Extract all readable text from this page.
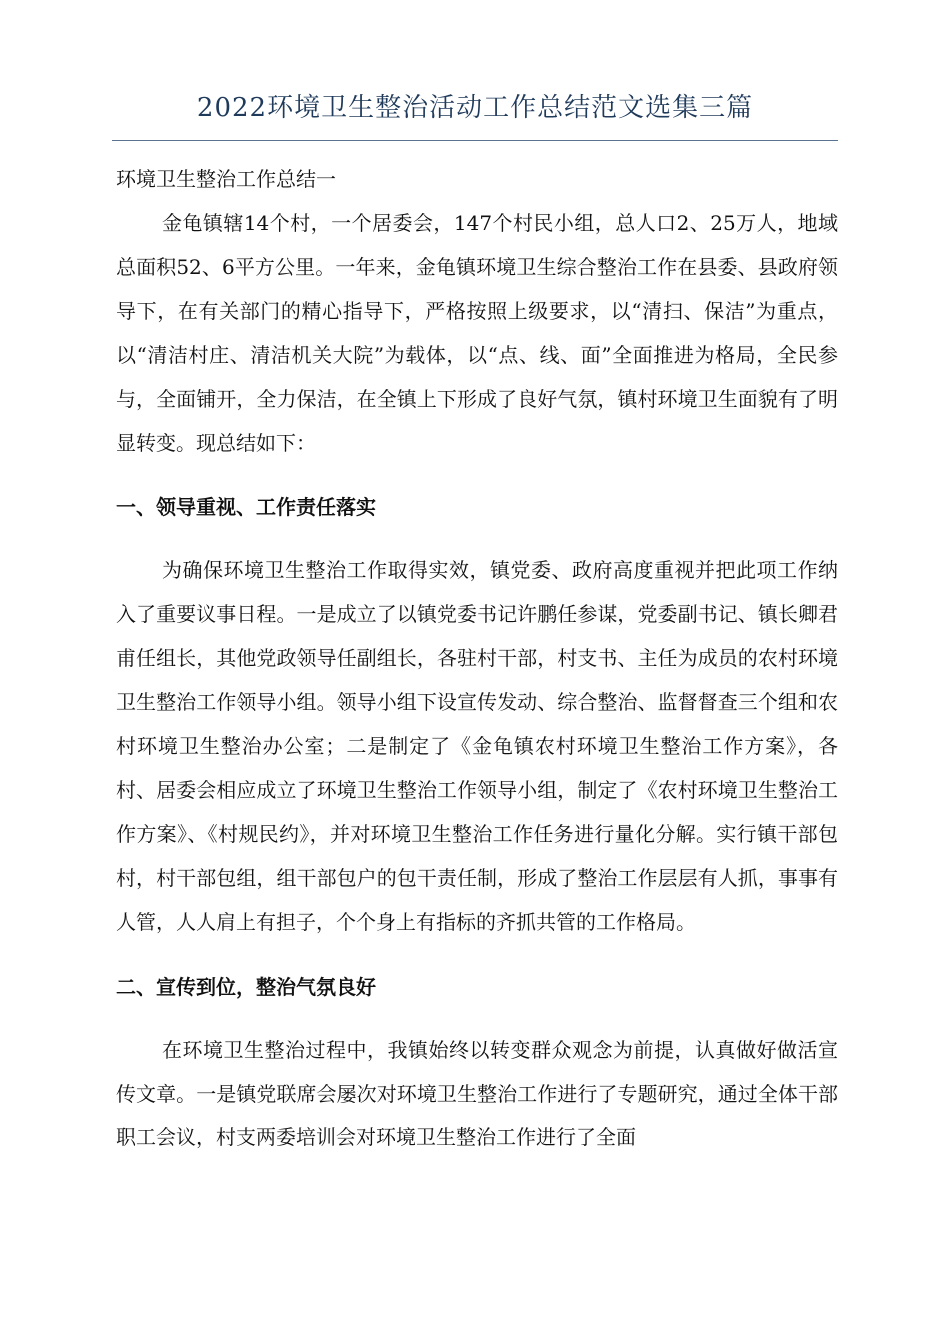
2022环境卫生整治活动工作总结范文选集三篇

环境卫生整治工作总结一

金龟镇辖14个村，一个居委会，147个村民小组，总人口2、25万人，地域总面积52、6平方公里。一年来，金龟镇环境卫生综合整治工作在县委、县政府领导下，在有关部门的精心指导下，严格按照上级要求，以“清扫、保洁”为重点，以“清洁村庄、清洁机关大院”为载体，以“点、线、面”全面推进为格局，全民参与，全面铺开，全力保洁，在全镇上下形成了良好气氛，镇村环境卫生面貌有了明显转变。现总结如下：

一、领导重视、工作责任落实

为确保环境卫生整治工作取得实效，镇党委、政府高度重视并把此项工作纳入了重要议事日程。一是成立了以镇党委书记许鹏任参谋，党委副书记、镇长卿君甫任组长，其他党政领导任副组长，各驻村干部，村支书、主任为成员的农村环境卫生整治工作领导小组。领导小组下设宣传发动、综合整治、监督督查三个组和农村环境卫生整治办公室；二是制定了《金龟镇农村环境卫生整治工作方案》，各村、居委会相应成立了环境卫生整治工作领导小组，制定了《农村环境卫生整治工作方案》、《村规民约》，并对环境卫生整治工作任务进行量化分解。实行镇干部包村，村干部包组，组干部包户的包干责任制，形成了整治工作层层有人抓，事事有人管，人人肩上有担子，个个身上有指标的齐抓共管的工作格局。

二、宣传到位，整治气氛良好

在环境卫生整治过程中，我镇始终以转变群众观念为前提，认真做好做活宣传文章。一是镇党联席会屡次对环境卫生整治工作进行了专题研究，通过全体干部职工会议，村支两委培训会对环境卫生整治工作进行了全面
